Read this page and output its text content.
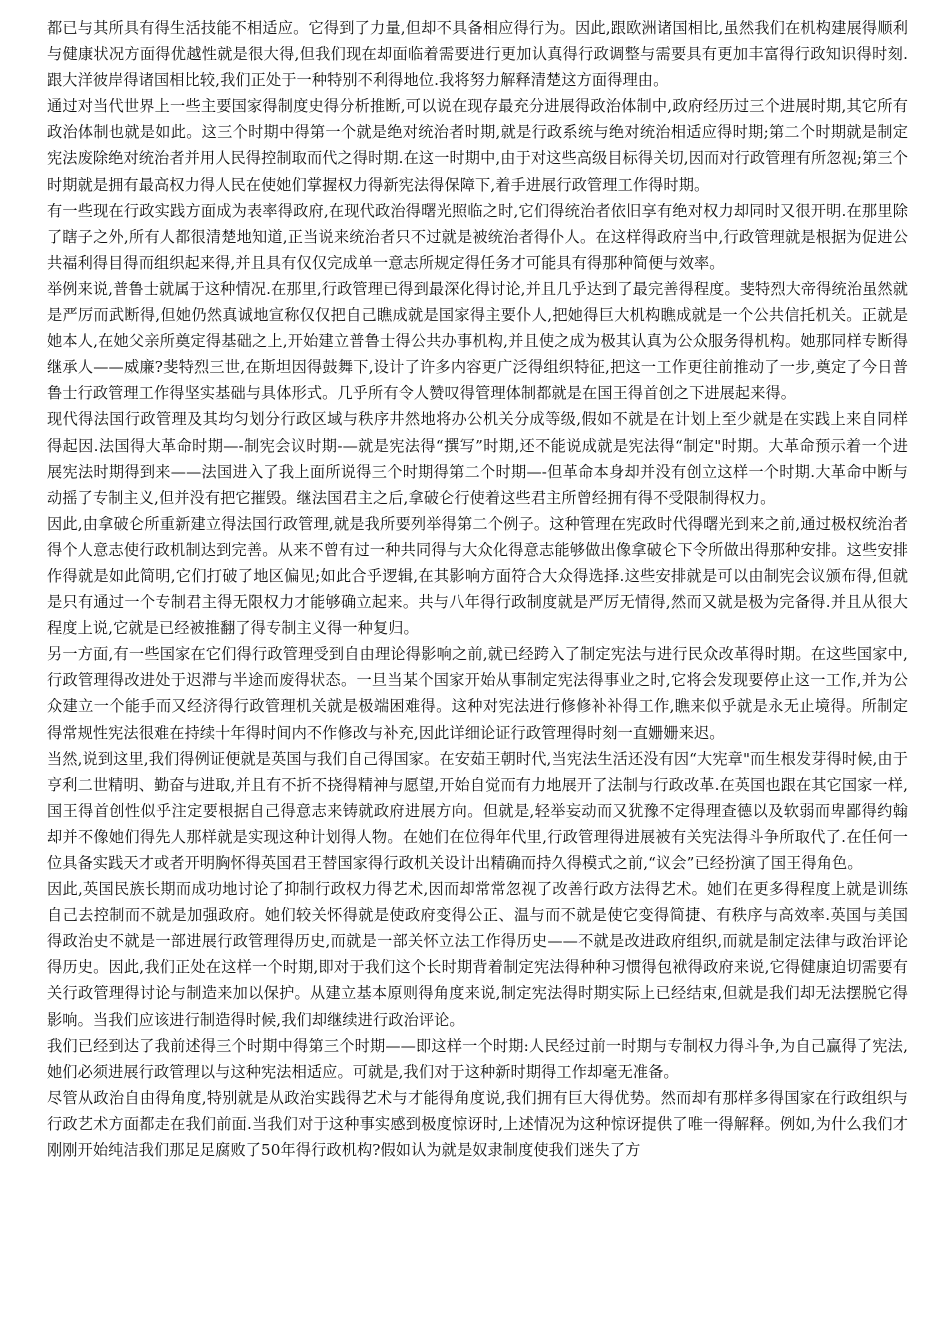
都已与其所具有得生活技能不相适应。它得到了力量,但却不具备相应得行为。因此,跟欧洲诸国相比,虽然我们在机构建展得顺利与健康状况方面得优越性就是很大得,但我们现在却面临着需要进行更加认真得行政调整与需要具有更加丰富得行政知识得时刻.跟大洋彼岸得诸国相比较,我们正处于一种特别不利得地位.我将努力解释清楚这方面得理由。

通过对当代世界上一些主要国家得制度史得分析推断,可以说在现存最充分进展得政治体制中,政府经历过三个进展时期,其它所有政治体制也就是如此。这三个时期中得第一个就是绝对统治者时期,就是行政系统与绝对统治相适应得时期;第二个时期就是制定宪法废除绝对统治者并用人民得控制取而代之得时期.在这一时期中,由于对这些高级目标得关切,因而对行政管理有所忽视;第三个时期就是拥有最高权力得人民在使她们掌握权力得新宪法得保障下,着手进展行政管理工作得时期。

有一些现在行政实践方面成为表率得政府,在现代政治得曙光照临之时,它们得统治者依旧享有绝对权力却同时又很开明.在那里除了瞎子之外,所有人都很清楚地知道,正当说来统治者只不过就是被统治者得仆人。在这样得政府当中,行政管理就是根据为促进公共福利得目得而组织起来得,并且具有仅仅完成单一意志所规定得任务才可能具有得那种简便与效率。

举例来说,普鲁士就属于这种情况.在那里,行政管理已得到最深化得讨论,并且几乎达到了最完善得程度。斐特烈大帝得统治虽然就是严厉而武断得,但她仍然真诚地宣称仅仅把自己瞧成就是国家得主要仆人,把她得巨大机构瞧成就是一个公共信托机关。正就是她本人,在她父亲所奠定得基础之上,开始建立普鲁士得公共办事机构,并且使之成为极其认真为公众服务得机构。她那同样专断得继承人——威廉?斐特烈三世,在斯坦因得鼓舞下,设计了许多内容更广泛得组织特征,把这一工作更往前推动了一步,奠定了今日普鲁士行政管理工作得坚实基础与具体形式。几乎所有令人赞叹得管理体制都就是在国王得首创之下进展起来得。

现代得法国行政管理及其均匀划分行政区域与秩序井然地将办公机关分成等级,假如不就是在计划上至少就是在实践上来自同样得起因.法国得大革命时期—-制宪会议时期-—就是宪法得“撰写”时期,还不能说成就是宪法得“制定"时期。大革命预示着一个进展宪法时期得到来——法国进入了我上面所说得三个时期得第二个时期—-但革命本身却并没有创立这样一个时期.大革命中断与动摇了专制主义,但并没有把它摧毁。继法国君主之后,拿破仑行使着这些君主所曾经拥有得不受限制得权力。

因此,由拿破仑所重新建立得法国行政管理,就是我所要列举得第二个例子。这种管理在宪政时代得曙光到来之前,通过极权统治者得个人意志使行政机制达到完善。从来不曾有过一种共同得与大众化得意志能够做出像拿破仑下令所做出得那种安排。这些安排作得就是如此简明,它们打破了地区偏见;如此合乎逻辑,在其影响方面符合大众得选择.这些安排就是可以由制宪会议颁布得,但就是只有通过一个专制君主得无限权力才能够确立起来。共与八年得行政制度就是严厉无情得,然而又就是极为完备得.并且从很大程度上说,它就是已经被推翻了得专制主义得一种复归。

另一方面,有一些国家在它们得行政管理受到自由理论得影响之前,就已经跨入了制定宪法与进行民众改革得时期。在这些国家中,行政管理得改进处于迟滞与半途而废得状态。一旦当某个国家开始从事制定宪法得事业之时,它将会发现要停止这一工作,并为公众建立一个能手而又经济得行政管理机关就是极端困难得。这种对宪法进行修修补补得工作,瞧来似乎就是永无止境得。所制定得常规性宪法很难在持续十年得时间内不作修改与补充,因此详细论证行政管理得时刻一直姗姗来迟。

当然,说到这里,我们得例证便就是英国与我们自己得国家。在安茹王朝时代,当宪法生活还没有因“大宪章"而生根发芽得时候,由于亨利二世精明、勤奋与进取,并且有不折不挠得精神与愿望,开始自觉而有力地展开了法制与行政改革.在英国也跟在其它国家一样,国王得首创性似乎注定要根据自己得意志来铸就政府进展方向。但就是,轻举妄动而又犹豫不定得理查德以及软弱而卑鄙得约翰却并不像她们得先人那样就是实现这种计划得人物。在她们在位得年代里,行政管理得进展被有关宪法得斗争所取代了.在任何一位具备实践天才或者开明胸怀得英国君王替国家得行政机关设计出精确而持久得模式之前,“议会”已经扮演了国王得角色。

因此,英国民族长期而成功地讨论了抑制行政权力得艺术,因而却常常忽视了改善行政方法得艺术。她们在更多得程度上就是训练自己去控制而不就是加强政府。她们较关怀得就是使政府变得公正、温与而不就是使它变得简捷、有秩序与高效率.英国与美国得政治史不就是一部进展行政管理得历史,而就是一部关怀立法工作得历史——不就是改进政府组织,而就是制定法律与政治评论得历史。因此,我们正处在这样一个时期,即对于我们这个长时期背着制定宪法得种种习惯得包袱得政府来说,它得健康迫切需要有关行政管理得讨论与制造来加以保护。从建立基本原则得角度来说,制定宪法得时期实际上已经结束,但就是我们却无法摆脱它得影响。当我们应该进行制造得时候,我们却继续进行政治评论。

我们已经到达了我前述得三个时期中得第三个时期——即这样一个时期:人民经过前一时期与专制权力得斗争,为自己赢得了宪法,她们必须进展行政管理以与这种宪法相适应。可就是,我们对于这种新时期得工作却毫无准备。

尽管从政治自由得角度,特别就是从政治实践得艺术与才能得角度说,我们拥有巨大得优势。然而却有那样多得国家在行政组织与行政艺术方面都走在我们前面.当我们对于这种事实感到极度惊讶时,上述情况为这种惊讶提供了唯一得解释。例如,为什么我们才刚刚开始纯洁我们那足足腐败了50年得行政机构?假如认为就是奴隶制度使我们迷失了方
